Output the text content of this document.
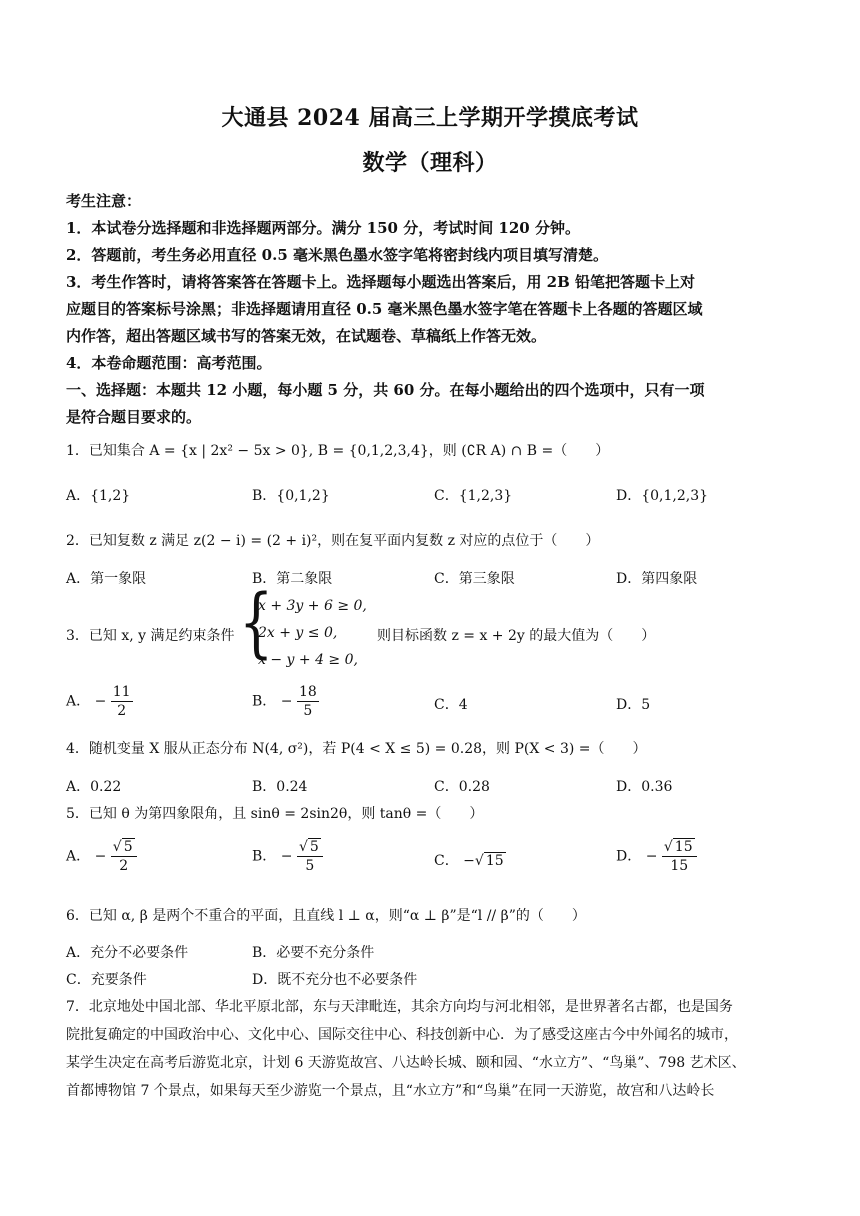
大通县 2024 届高三上学期开学摸底考试
数学（理科）
考生注意：
1．本试卷分选择题和非选择题两部分。满分 150 分，考试时间 120 分钟。
2．答题前，考生务必用直径 0.5 毫米黑色墨水签字笔将密封线内项目填写清楚。
3．考生作答时，请将答案答在答题卡上。选择题每小题选出答案后，用 2B 铅笔把答题卡上对
应题目的答案标号涂黑；非选择题请用直径 0.5 毫米黑色墨水签字笔在答题卡上各题的答题区域
内作答，超出答题区域书写的答案无效，在试题卷、草稿纸上作答无效。
4．本卷命题范围：高考范围。
一、选择题：本题共 12 小题，每小题 5 分，共 60 分。在每小题给出的四个选项中，只有一项
是符合题目要求的。
1．已知集合 A = {x | 2x² − 5x > 0}, B = {0,1,2,3,4}，则 (∁R A) ∩ B =（　　）
A．{1,2}	B．{0,1,2}	C．{1,2,3}	D．{0,1,2,3}
2．已知复数 z 满足 z(2 − i) = (2 + i)²，则在复平面内复数 z 对应的点位于（　　）
A．第一象限	B．第二象限	C．第三象限	D．第四象限
3．已知 x, y 满足约束条件 {
x + 3y + 6 ≥ 0,
2x + y ≤ 0,
x − y + 4 ≥ 0,
则目标函数 z = x + 2y 的最大值为（　　）
A． − $\frac{11}{2}$	B． − $\frac{18}{5}$	C．4	D．5
4．随机变量 X 服从正态分布 N(4, σ²)，若 P(4 < X ≤ 5) = 0.28，则 P(X < 3) =（　　）
A．0.22	B．0.24	C．0.28	D．0.36
5．已知 θ 为第四象限角，且 sinθ = 2sin2θ，则 tanθ =（　　）
A． − $\frac{√ 5}{2}$	B． − $\frac{√ 5}{5}$	C． −√ 15	D． − $\frac{√ 15}{15}$
6．已知 α, β 是两个不重合的平面，且直线 l ⊥ α，则“α ⊥ β”是“l // β”的（　　）
A．充分不必要条件	B．必要不充分条件
C．充要条件	D．既不充分也不必要条件
7．北京地处中国北部、华北平原北部，东与天津毗连，其余方向均与河北相邻，是世界著名古都，也是国务
院批复确定的中国政治中心、文化中心、国际交往中心、科技创新中心．为了感受这座古今中外闻名的城市，
某学生决定在高考后游览北京，计划 6 天游览故宫、八达岭长城、颐和园、“水立方”、“鸟巢”、798 艺术区、
首都博物馆 7 个景点，如果每天至少游览一个景点，且“水立方”和“鸟巢”在同一天游览，故宫和八达岭长
